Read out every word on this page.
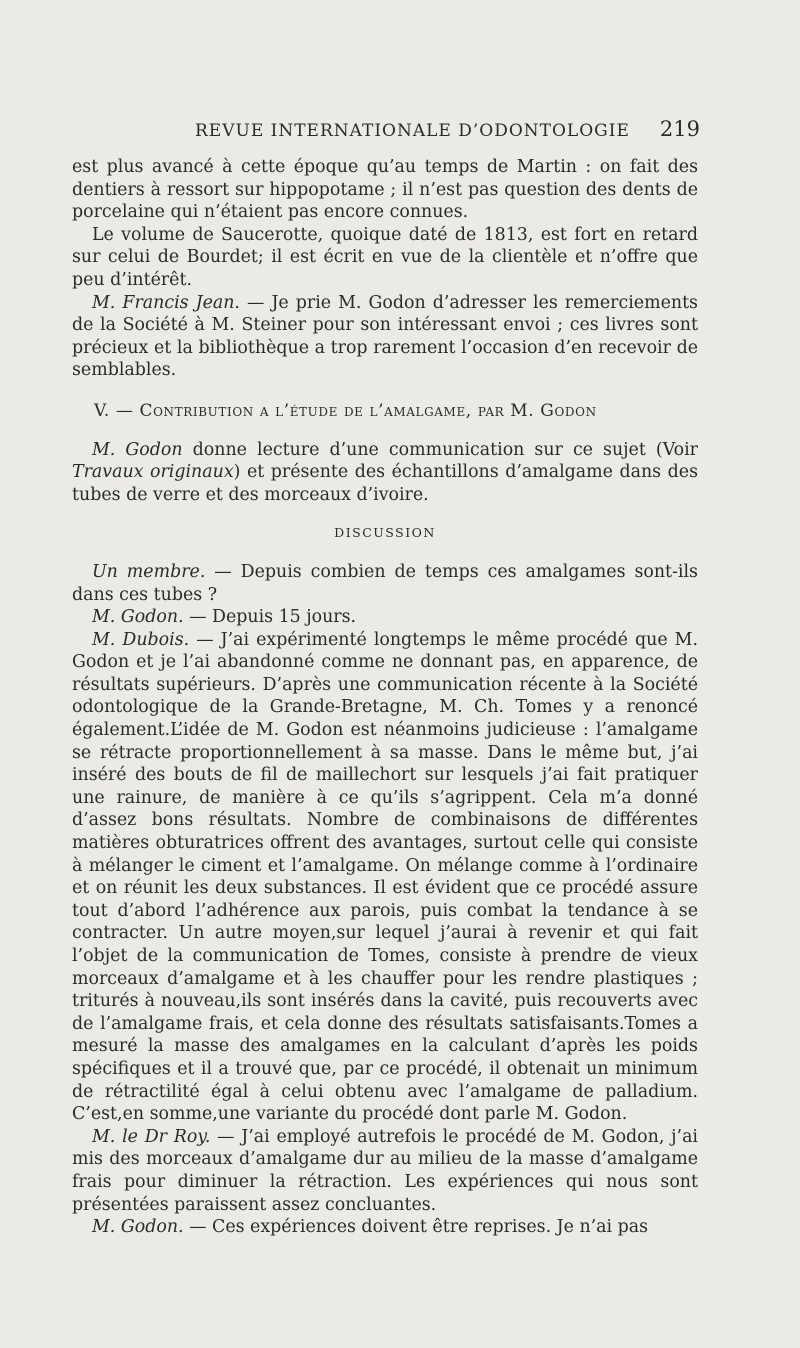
REVUE INTERNATIONALE D’ODONTOLOGIE 219

est plus avancé à cette époque qu’au temps de Martin : on fait des dentiers à ressort sur hippopotame ; il n’est pas question des dents de porcelaine qui n’étaient pas encore connues.

Le volume de Saucerotte, quoique daté de 1813, est fort en retard sur celui de Bourdet; il est écrit en vue de la clientèle et n’offre que peu d’intérêt.

M. Francis Jean. — Je prie M. Godon d’adresser les remerciements de la Société à M. Steiner pour son intéressant envoi ; ces livres sont précieux et la bibliothèque a trop rarement l’occasion d’en recevoir de semblables.

V. — Contribution a l’étude de l’amalgame, par M. Godon

M. Godon donne lecture d’une communication sur ce sujet (Voir Travaux originaux) et présente des échantillons d’amalgame dans des tubes de verre et des morceaux d’ivoire.

DISCUSSION

Un membre. — Depuis combien de temps ces amalgames sont-ils dans ces tubes ?

M. Godon. — Depuis 15 jours.

M. Dubois. — J’ai expérimenté longtemps le même procédé que M. Godon et je l’ai abandonné comme ne donnant pas, en apparence, de résultats supérieurs. D’après une communication récente à la Société odontologique de la Grande-Bretagne, M. Ch. Tomes y a renoncé également.L’idée de M. Godon est néanmoins judicieuse : l’amalgame se rétracte proportionnellement à sa masse. Dans le même but, j’ai inséré des bouts de fil de maillechort sur lesquels j’ai fait pratiquer une rainure, de manière à ce qu’ils s’agrippent. Cela m’a donné d’assez bons résultats. Nombre de combinaisons de différentes matières obturatrices offrent des avantages, surtout celle qui consiste à mélanger le ciment et l’amalgame. On mélange comme à l’ordinaire et on réunit les deux substances. Il est évident que ce procédé assure tout d’abord l’adhérence aux parois, puis combat la tendance à se contracter. Un autre moyen,sur lequel j’aurai à revenir et qui fait l’objet de la communication de Tomes, consiste à prendre de vieux morceaux d’amalgame et à les chauffer pour les rendre plastiques ; triturés à nouveau,ils sont insérés dans la cavité, puis recouverts avec de l’amalgame frais, et cela donne des résultats satisfaisants.Tomes a mesuré la masse des amalgames en la calculant d’après les poids spécifiques et il a trouvé que, par ce procédé, il obtenait un minimum de rétractilité égal à celui obtenu avec l’amalgame de palladium. C’est,en somme,une variante du procédé dont parle M. Godon.

M. le Dr Roy. — J’ai employé autrefois le procédé de M. Godon, j’ai mis des morceaux d’amalgame dur au milieu de la masse d’amalgame frais pour diminuer la rétraction. Les expériences qui nous sont présentées paraissent assez concluantes.

M. Godon. — Ces expériences doivent être reprises. Je n’ai pas
